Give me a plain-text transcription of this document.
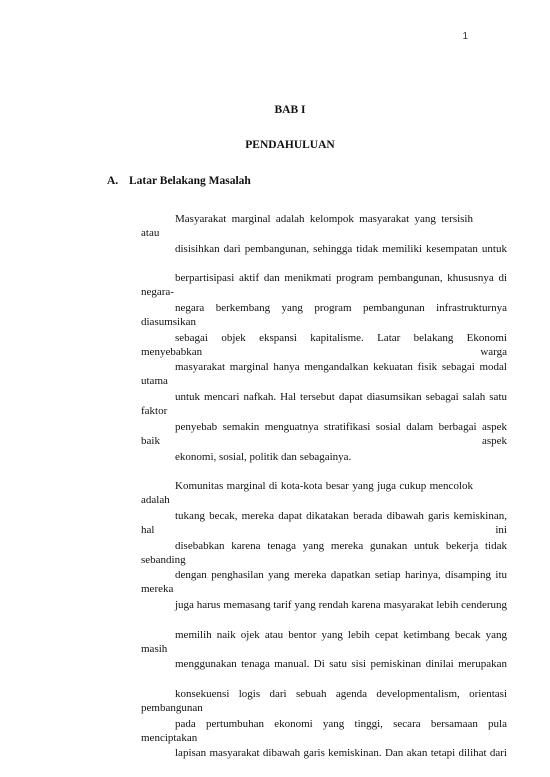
1
BAB I
PENDAHULUAN
A. Latar Belakang Masalah
Masyarakat marginal adalah kelompok masyarakat yang tersisih atau
disisihkan dari pembangunan, sehingga tidak memiliki kesempatan untuk
berpartisipasi aktif dan menikmati program pembangunan, khususnya di negara-
negara berkembang yang program pembangunan infrastrukturnya diasumsikan
sebagai objek ekspansi kapitalisme. Latar belakang Ekonomi menyebabkan warga
masyarakat marginal hanya mengandalkan kekuatan fisik sebagai modal utama
untuk mencari nafkah. Hal tersebut dapat diasumsikan sebagai salah satu faktor
penyebab semakin menguatnya stratifikasi sosial dalam berbagai aspek baik aspek
ekonomi, sosial, politik dan sebagainya.
Komunitas marginal di kota-kota besar yang juga cukup mencolok adalah
tukang becak, mereka dapat dikatakan berada dibawah garis kemiskinan, hal ini
disebabkan karena tenaga yang mereka gunakan untuk bekerja tidak sebanding
dengan penghasilan yang mereka dapatkan setiap harinya, disamping itu mereka
juga harus memasang tarif yang rendah karena masyarakat lebih cenderung
memilih naik ojek atau bentor yang lebih cepat ketimbang becak yang masih
menggunakan tenaga manual. Di satu sisi pemiskinan dinilai merupakan
konsekuensi logis dari sebuah agenda developmentalism, orientasi pembangunan
pada pertumbuhan ekonomi yang tinggi, secara bersamaan pula menciptakan
lapisan masyarakat dibawah garis kemiskinan. Dan akan tetapi dilihat dari
